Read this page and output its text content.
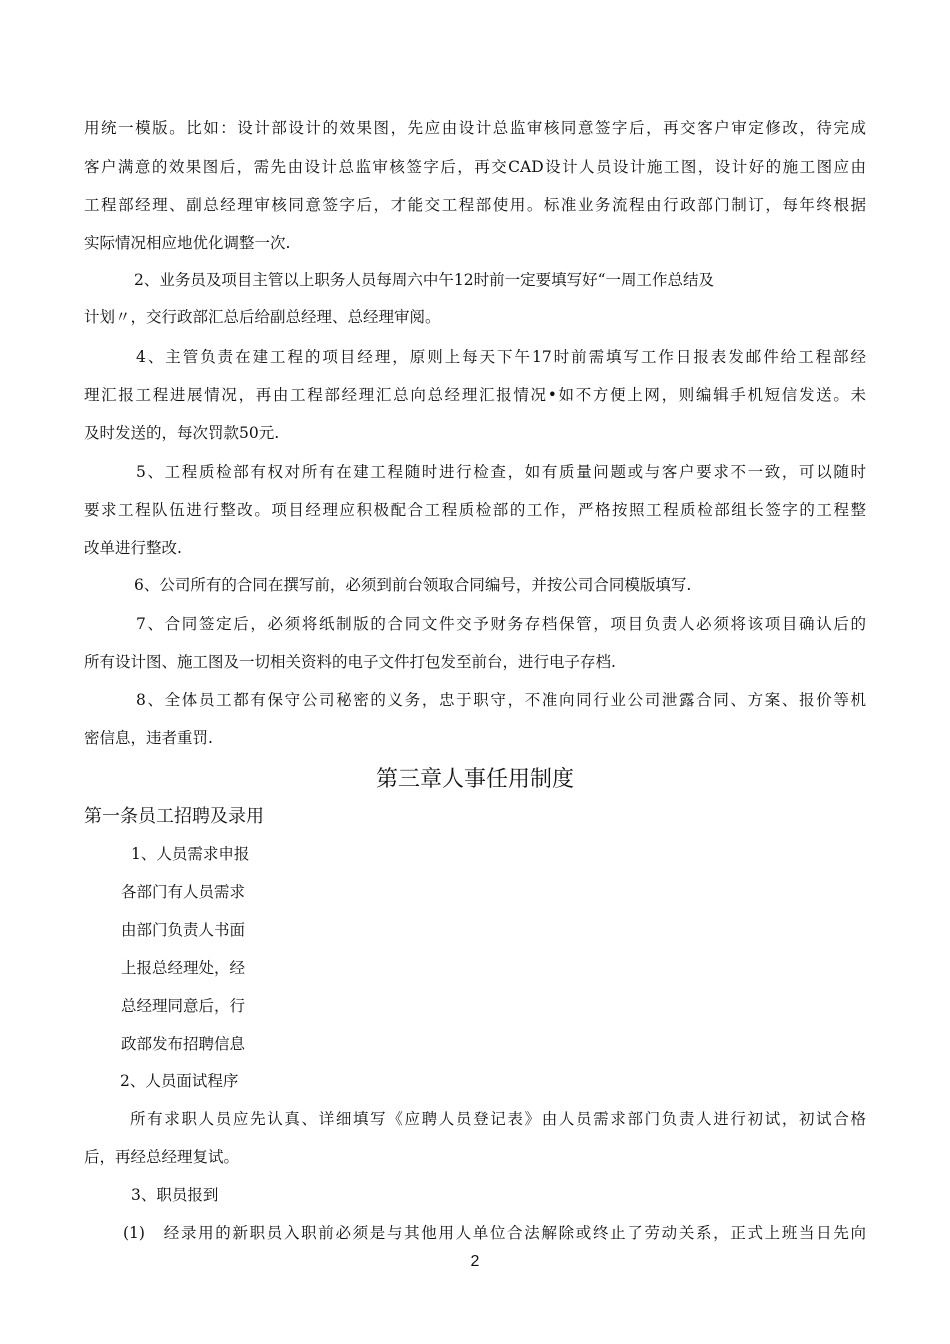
用统一模版。比如：设计部设计的效果图，先应由设计总监审核同意签字后，再交客户审定修改，待完成
客户满意的效果图后，需先由设计总监审核签字后，再交CAD设计人员设计施工图，设计好的施工图应由
工程部经理、副总经理审核同意签字后，才能交工程部使用。标准业务流程由行政部门制订，每年终根据
实际情况相应地优化调整一次.
2、业务员及项目主管以上职务人员每周六中午12时前一定要填写好“一周工作总结及
计划〃，交行政部汇总后给副总经理、总经理审阅。
4、主管负责在建工程的项目经理，原则上每天下午17时前需填写工作日报表发邮件给工程部经
理汇报工程进展情况，再由工程部经理汇总向总经理汇报情况•如不方便上网，则编辑手机短信发送。未
及时发送的，每次罚款50元.
5、工程质检部有权对所有在建工程随时进行检查，如有质量问题或与客户要求不一致，可以随时
要求工程队伍进行整改。项目经理应积极配合工程质检部的工作，严格按照工程质检部组长签字的工程整
改单进行整改.
6、公司所有的合同在撰写前，必须到前台领取合同编号，并按公司合同模版填写.
7、合同签定后，必须将纸制版的合同文件交予财务存档保管，项目负责人必须将该项目确认后的
所有设计图、施工图及一切相关资料的电子文件打包发至前台，进行电子存档.
8、全体员工都有保守公司秘密的义务，忠于职守，不准向同行业公司泄露合同、方案、报价等机
密信息，违者重罚.
第三章人事任用制度
第一条员工招聘及录用
1、人员需求申报
各部门有人员需求
由部门负责人书面
上报总经理处，经
总经理同意后，行
政部发布招聘信息
2、人员面试程序
所有求职人员应先认真、详细填写《应聘人员登记表》由人员需求部门负责人进行初试，初试合格
后，再经总经理复试。
3、职员报到
(1)　经录用的新职员入职前必须是与其他用人单位合法解除或终止了劳动关系，正式上班当日先向
2
